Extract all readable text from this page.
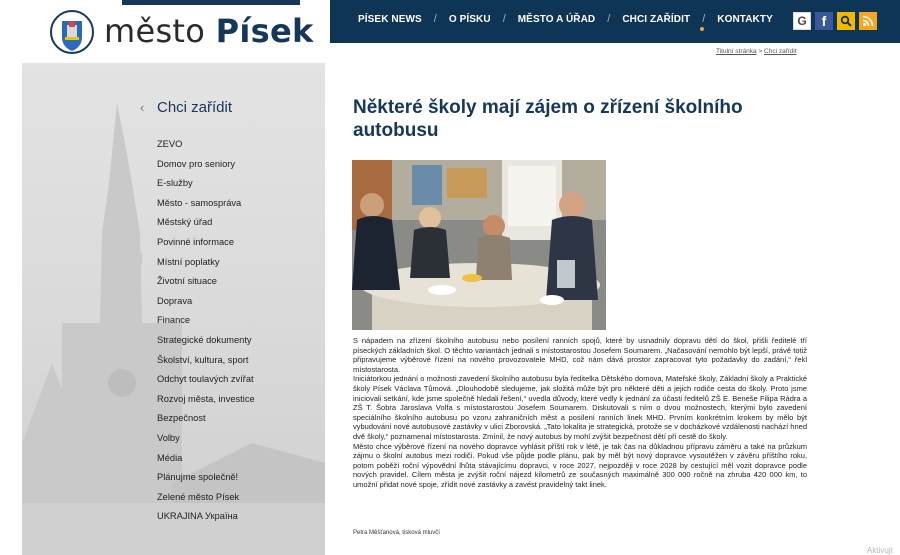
město Písek	PÍSEK NEWS / O PÍSKU / MĚSTO A ÚŘAD / CHCI ZAŘÍDIT / KONTAKTY	G	f
Titulní stránka > Chci zařídit
‹ Chci zařídit
ZEVO
Domov pro seniory
E-služby
Město - samospráva
Městský úřad
Povinné informace
Místní poplatky
Životní situace
Doprava
Finance
Strategické dokumenty
Školství, kultura, sport
Odchyt toulavých zvířat
Rozvoj města, investice
Bezpečnost
Volby
Média
Plánujme společně!
Zelené město Písek
UKRAJINA Україна
Některé školy mají zájem o zřízení školního autobusu

S nápadem na zřízení školního autobusu nebo posílení ranních spojů, které by usnadnily dopravu dětí do škol, přišli ředitelé tří píseckých základních škol. O těchto variantách jednali s místostarostou Josefem Soumarem. „Načasování nemohlo být lepší, právě totiž připravujeme výběrové řízení na nového provozovatele MHD, což nám dává prostor zapracovat tyto požadavky do zadání,“ řekl místostarosta.

Iniciátorkou jednání o možnosti zavedení školního autobusu byla ředitelka Dětského domova, Mateřské školy, Základní školy a Praktické školy Písek Václava Tůmová. „Dlouhodobě sledujeme, jak složitá může být pro některé děti a jejich rodiče cesta do školy. Proto jsme iniciovali setkání, kde jsme společně hledali řešení,“ uvedla důvody, které vedly k jednání za účasti ředitelů ZŠ E. Beneše Filipa Rádra a ZŠ T. Šobra Jaroslava Volfa s místostarostou Josefem Soumarem. Diskutovali s ním o dvou možnostech, kterými bylo zavedení speciálního školního autobusu po vzoru zahraničních měst a posílení ranních linek MHD. Prvním konkrétním krokem by mělo být vybudování nové autobusové zastávky v ulici Zborovská. „Tato lokalita je strategická, protože se v docházkové vzdálenosti nachází hned dvě školy,“ poznamenal místostarosta. Zmínil, že nový autobus by mohl zvýšit bezpečnost dětí při cestě do školy.

Město chce výběrové řízení na nového dopravce vyhlásit příští rok v létě, je tak čas na důkladnou přípravu záměru a také na průzkum zájmu o školní autobus mezi rodiči. Pokud vše půjde podle plánu, pak by měl být nový dopravce vysoutěžen v závěru příštího roku, potom poběží roční výpovědní lhůta stávajícímu dopravci, v roce 2027, nejpozději v roce 2028 by cestující měl vozit dopravce podle nových pravidel. Cílem města je zvýšit roční nájezd kilometrů ze současných maximálně 300 000 ročně na zhruba 420 000 km, to umožní přidat nové spoje, zřídit nové zastávky a zavést pravidelný takt linek.

Petra Měšťanová, tisková mluvčí
Aktivujt
